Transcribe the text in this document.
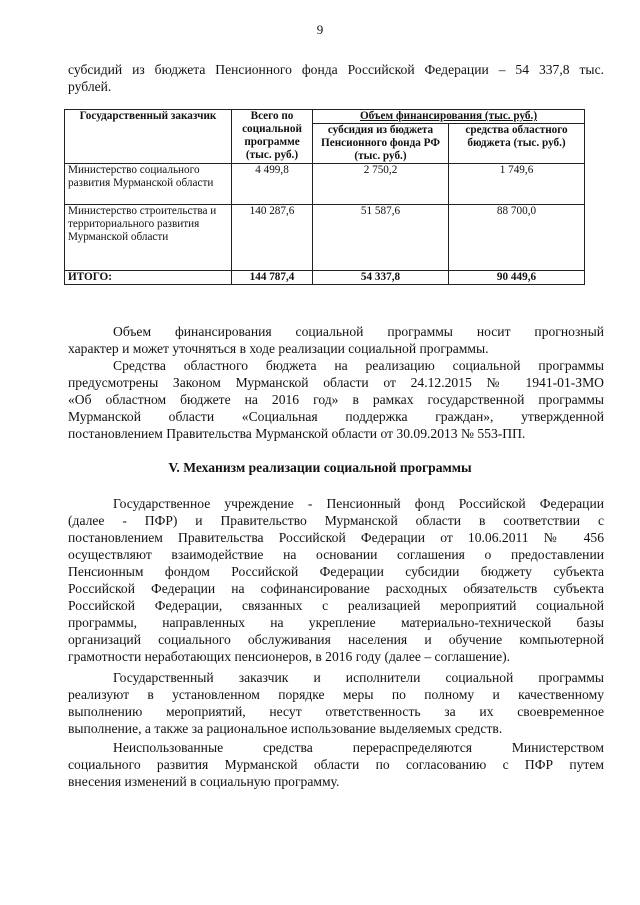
9
субсидий из бюджета Пенсионного фонда Российской Федерации – 54 337,8 тыс.
рублей.
Государственный заказчик	Всего по социальной программе (тыс. руб.)	Объем финансирования (тыс. руб.)	
		субсидия из бюджета Пенсионного фонда РФ (тыс. руб.)	средства областного бюджета (тыс. руб.)
Министерство социального развития Мурманской области	4 499,8	2 750,2	1 749,6
Министерство строительства и территориального развития Мурманской области	140 287,6	51 587,6	88 700,0
ИТОГО:	144 787,4	54 337,8	90 449,6
Объем финансирования социальной программы носит прогнозный
характер и может уточняться в ходе реализации социальной программы.
Средства областного бюджета на реализацию социальной программы
предусмотрены Законом Мурманской области от 24.12.2015 № 1941-01-ЗМО
«Об областном бюджете на 2016 год» в рамках государственной программы
Мурманской области «Социальная поддержка граждан», утвержденной
постановлением Правительства Мурманской области от 30.09.2013 № 553-ПП.
V. Механизм реализации социальной программы
Государственное учреждение - Пенсионный фонд Российской Федерации
(далее - ПФР) и Правительство Мурманской области в соответствии с
постановлением Правительства Российской Федерации от 10.06.2011 № 456
осуществляют взаимодействие на основании соглашения о предоставлении
Пенсионным фондом Российской Федерации субсидии бюджету субъекта
Российской Федерации на софинансирование расходных обязательств субъекта
Российской Федерации, связанных с реализацией мероприятий социальной
программы, направленных на укрепление материально-технической базы
организаций социального обслуживания населения и обучение компьютерной
грамотности неработающих пенсионеров, в 2016 году (далее – соглашение).
Государственный заказчик и исполнители социальной программы
реализуют в установленном порядке меры по полному и качественному
выполнению мероприятий, несут ответственность за их своевременное
выполнение, а также за рациональное использование выделяемых средств.
Неиспользованные средства перераспределяются Министерством
социального развития Мурманской области по согласованию с ПФР путем
внесения изменений в социальную программу.
